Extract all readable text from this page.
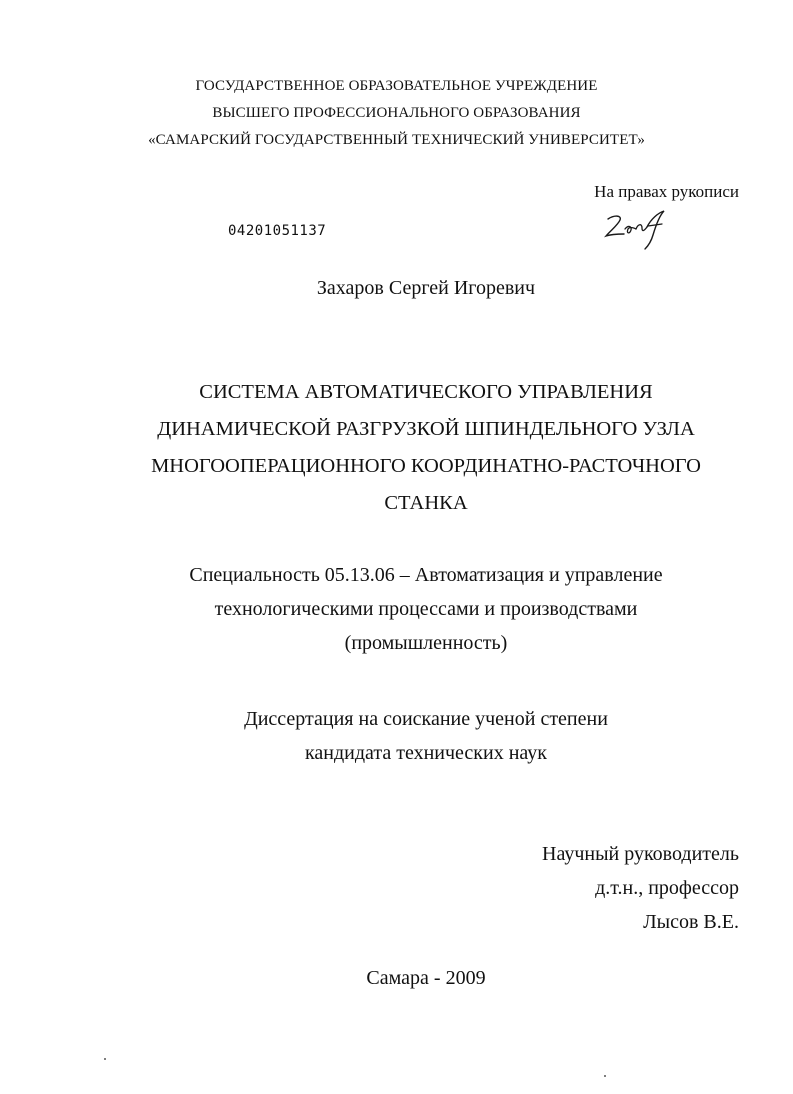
ГОСУДАРСТВЕННОЕ ОБРАЗОВАТЕЛЬНОЕ УЧРЕЖДЕНИЕ
ВЫСШЕГО ПРОФЕССИОНАЛЬНОГО ОБРАЗОВАНИЯ
«САМАРСКИЙ ГОСУДАРСТВЕННЫЙ ТЕХНИЧЕСКИЙ УНИВЕРСИТЕТ»
На правах рукописи
04201051137
Захаров Сергей Игоревич
СИСТЕМА АВТОМАТИЧЕСКОГО УПРАВЛЕНИЯ
ДИНАМИЧЕСКОЙ РАЗГРУЗКОЙ ШПИНДЕЛЬНОГО УЗЛА
МНОГООПЕРАЦИОННОГО КООРДИНАТНО-РАСТОЧНОГО
СТАНКА
Специальность 05.13.06 – Автоматизация и управление
технологическими процессами и производствами
(промышленность)
Диссертация на соискание ученой степени
кандидата технических наук
Научный руководитель
д.т.н., профессор
Лысов В.Е.
Самара - 2009
